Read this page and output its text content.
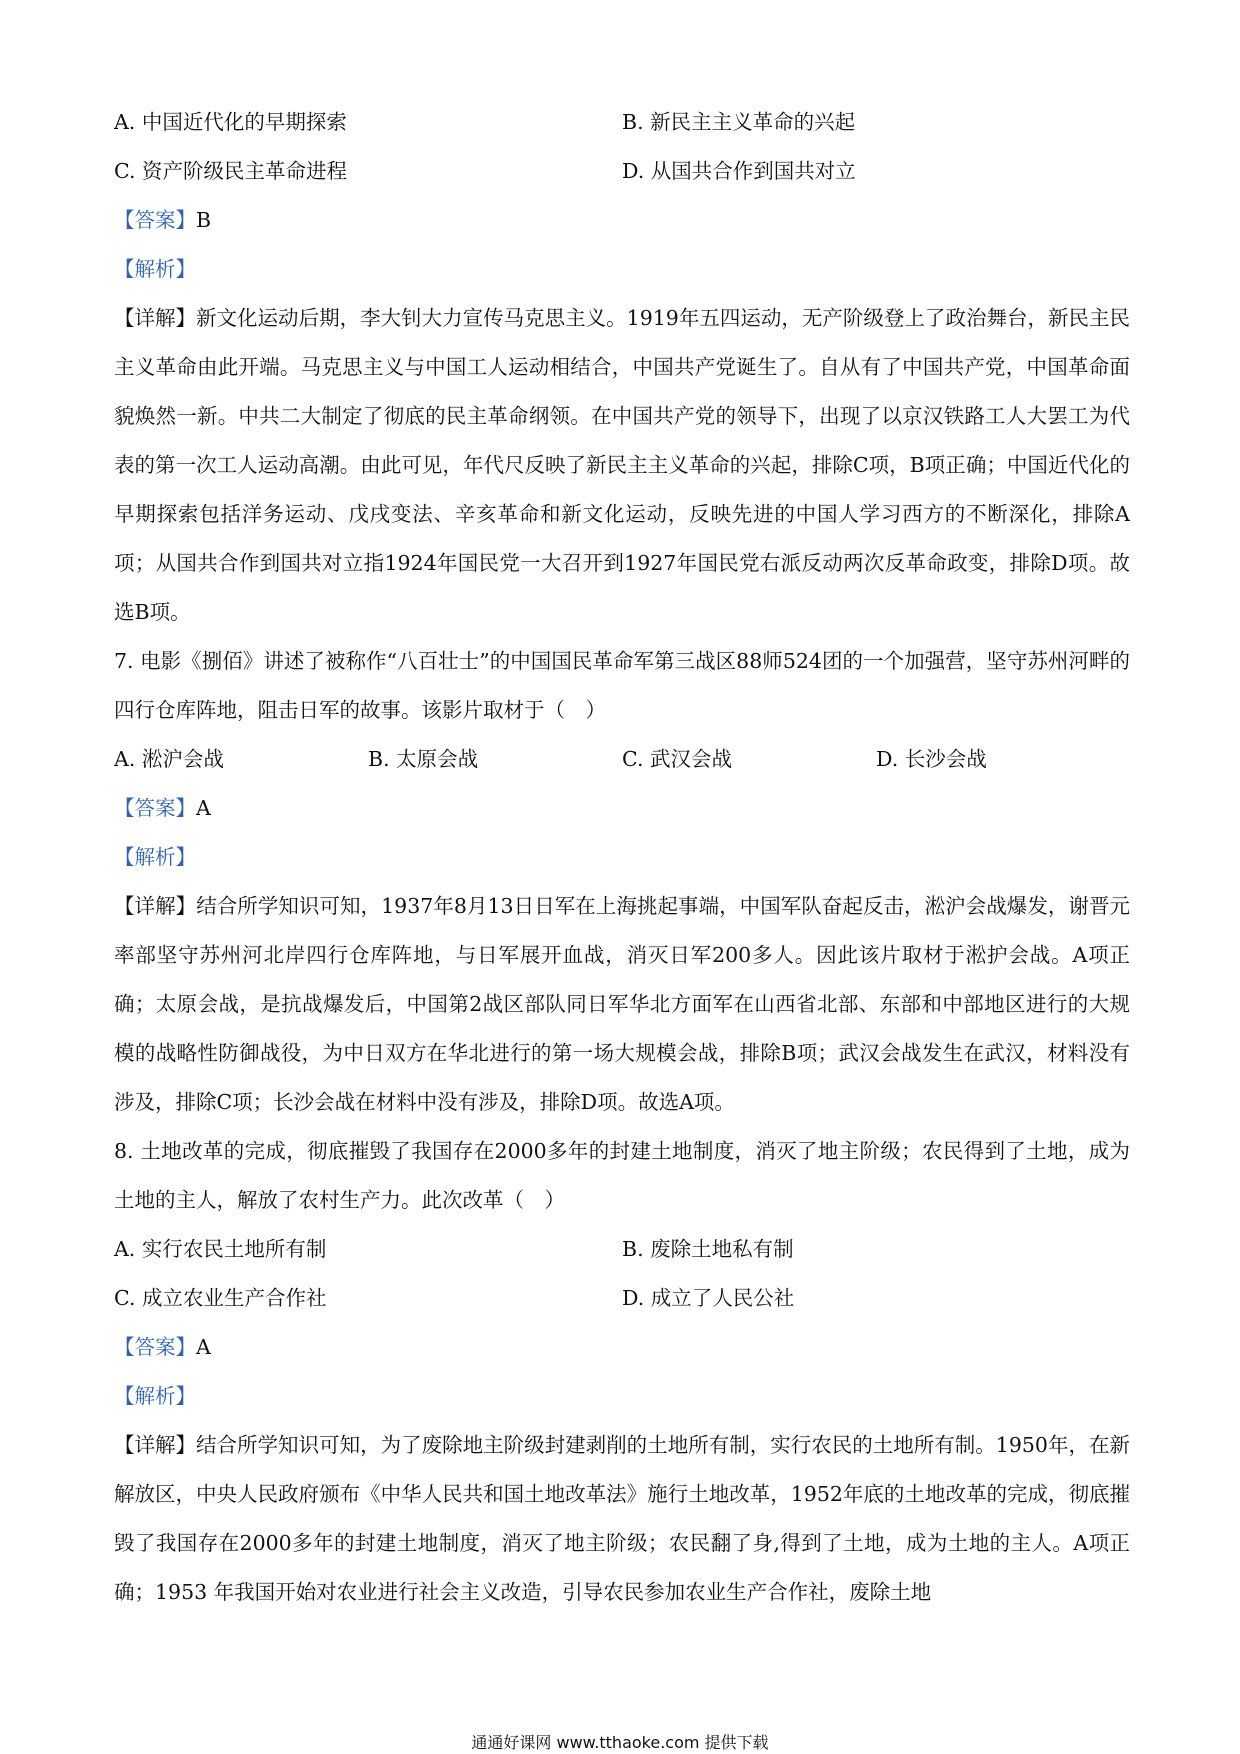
A. 中国近代化的早期探索	B. 新民主主义革命的兴起
C. 资产阶级民主革命进程	D. 从国共合作到国共对立
【答案】B
【解析】
【详解】新文化运动后期，李大钊大力宣传马克思主义。1919年五四运动，无产阶级登上了政治舞台，新民主民主义革命由此开端。马克思主义与中国工人运动相结合，中国共产党诞生了。自从有了中国共产党，中国革命面貌焕然一新。中共二大制定了彻底的民主革命纲领。在中国共产党的领导下，出现了以京汉铁路工人大罢工为代表的第一次工人运动高潮。由此可见，年代尺反映了新民主主义革命的兴起，排除C项，B项正确；中国近代化的早期探索包括洋务运动、戊戌变法、辛亥革命和新文化运动，反映先进的中国人学习西方的不断深化，排除A项；从国共合作到国共对立指1924年国民党一大召开到1927年国民党右派反动两次反革命政变，排除D项。故选B项。
7. 电影《捌佰》讲述了被称作“八百壮士”的中国国民革命军第三战区88师524团的一个加强营，坚守苏州河畔的四行仓库阵地，阻击日军的故事。该影片取材于（　）
A. 淞沪会战	B. 太原会战	C. 武汉会战	D. 长沙会战
【答案】A
【解析】
【详解】结合所学知识可知，1937年8月13日日军在上海挑起事端，中国军队奋起反击，淞沪会战爆发，谢晋元率部坚守苏州河北岸四行仓库阵地，与日军展开血战，消灭日军200多人。因此该片取材于淞护会战。A项正确；太原会战，是抗战爆发后，中国第2战区部队同日军华北方面军在山西省北部、东部和中部地区进行的大规模的战略性防御战役，为中日双方在华北进行的第一场大规模会战，排除B项；武汉会战发生在武汉，材料没有涉及，排除C项；长沙会战在材料中没有涉及，排除D项。故选A项。
8. 土地改革的完成，彻底摧毁了我国存在2000多年的封建土地制度，消灭了地主阶级；农民得到了土地，成为土地的主人，解放了农村生产力。此次改革（　）
A. 实行农民土地所有制	B. 废除土地私有制
C. 成立农业生产合作社	D. 成立了人民公社
【答案】A
【解析】
【详解】结合所学知识可知，为了废除地主阶级封建剥削的土地所有制，实行农民的土地所有制。1950年，在新解放区，中央人民政府颁布《中华人民共和国土地改革法》施行土地改革，1952年底的土地改革的完成，彻底摧毁了我国存在2000多年的封建土地制度，消灭了地主阶级；农民翻了身,得到了土地，成为土地的主人。A项正确；1953 年我国开始对农业进行社会主义改造，引导农民参加农业生产合作社，废除土地
通通好课网 www.tthaoke.com 提供下载
